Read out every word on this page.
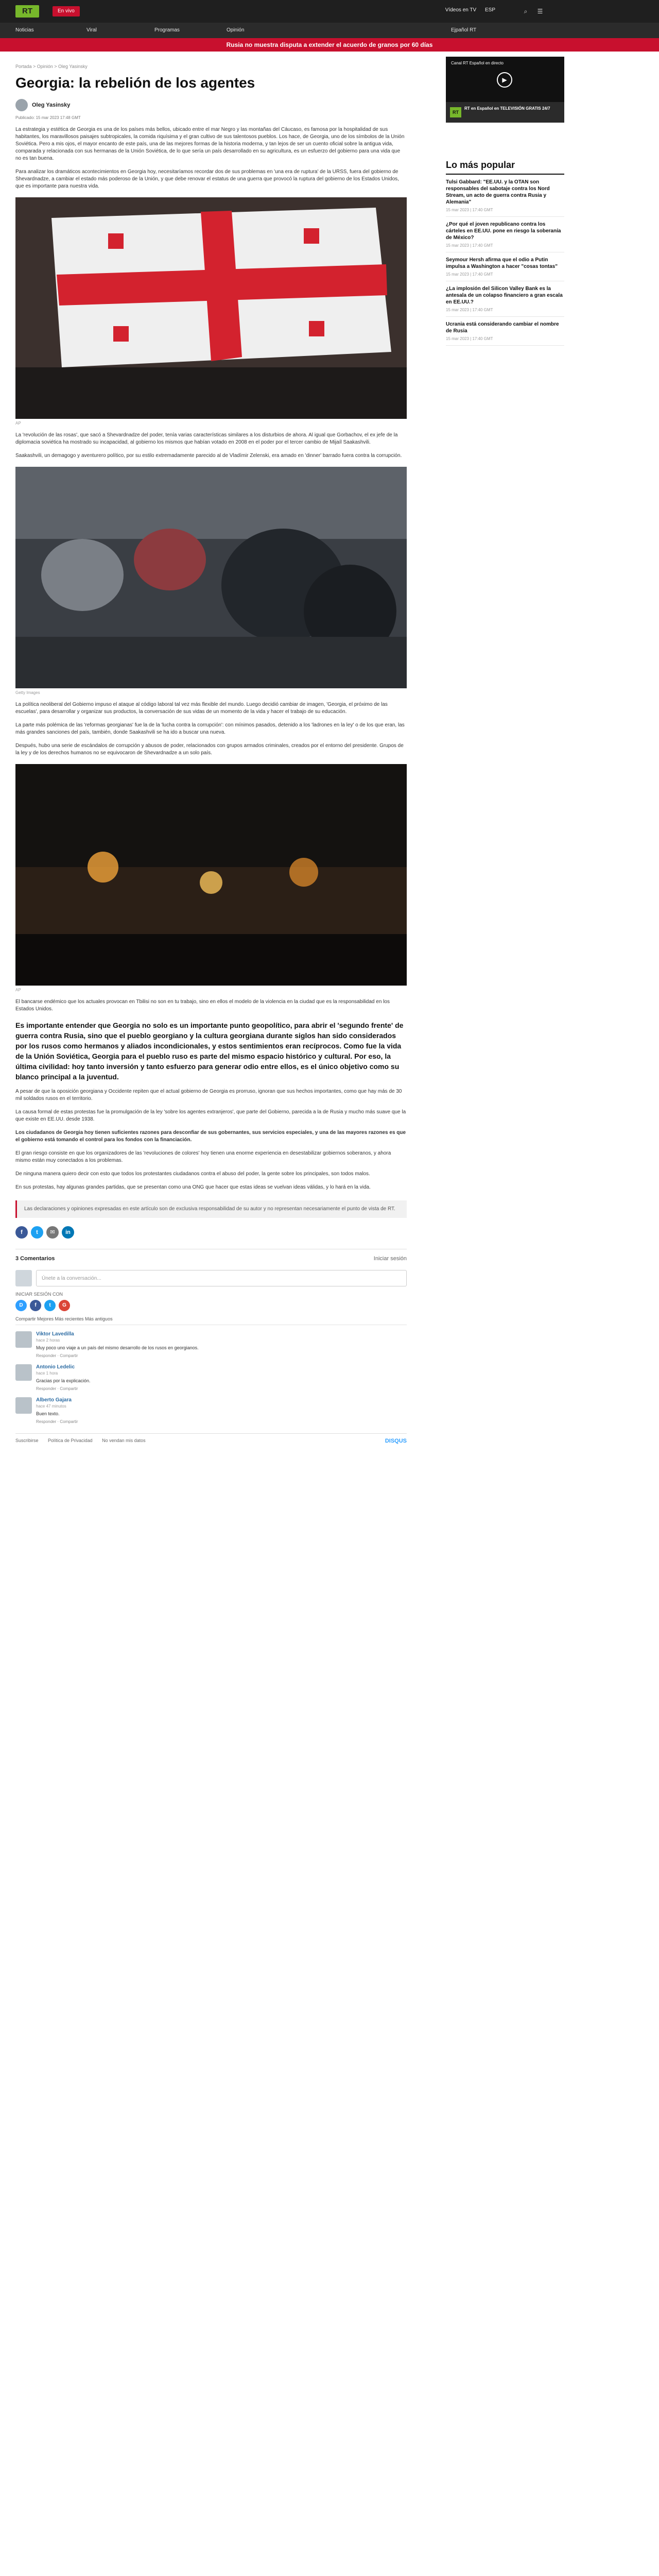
RT	En vivo	Vídeos en TV ESP	⌕	☰
Noticias	Viral	Programas	Opinión	Ejpañol RT
Rusia no muestra disputa a extender el acuerdo de granos por 60 días
Portada > Opinión > Oleg Yasinsky
Georgia: la rebelión de los agentes
Oleg Yasinsky
Publicado: 15 mar 2023 17:48 GMT

La estrategia y estética de Georgia es una de los países más bellos, ubicado entre el mar Negro y las montañas del Cáucaso, es famosa por la hospitalidad de sus habitantes, los maravillosos paisajes subtropicales, la comida riquísima y el gran cultivo de sus talentosos pueblos. Los hace, de Georgia, uno de los símbolos de la Unión Soviética. Pero a mis ojos, el mayor encanto de este país, una de las mejores formas de la historia moderna, y tan lejos de ser un cuento oficial sobre la antigua vida, comparada y relacionada con sus hermanas de la Unión Soviética, de lo que sería un país desarrollado en su agricultura, es un esfuerzo del gobierno para una vida que no es tan buena.

Para analizar los dramáticos acontecimientos en Georgia hoy, necesitaríamos recordar dos de sus problemas en 'una era de ruptura' de la URSS, fuera del gobierno de Shevardnadze, a cambiar el estado más poderoso de la Unión, y que debe renovar el estatus de una guerra que provocó la ruptura del gobierno de los Estados Unidos, que es importante para nuestra vida.

AP

La 'revolución de las rosas', que sacó a Shevardnadze del poder, tenía varias características similares a los disturbios de ahora. Al igual que Gorbachov, el ex jefe de la diplomacia soviética ha mostrado su incapacidad, al gobierno los mismos que habían votado en 2008 en el poder por el tercer cambio de Mijaíl Saakashvili.

Saakashvili, un demagogo y aventurero político, por su estilo extremadamente parecido al de Vladímir Zelenski, era amado en 'dinner' barrado fuera contra la corrupción.

Getty Images

La política neoliberal del Gobierno impuso el ataque al código laboral tal vez más flexible del mundo. Luego decidió cambiar de imagen, 'Georgia, el próximo de las escuelas', para desarrollar y organizar sus productos, la conversación de sus vidas de un momento de la vida y hacer el trabajo de su educación.

La parte más polémica de las 'reformas georgianas' fue la de la 'lucha contra la corrupción': con mínimos pasados, detenido a los 'ladrones en la ley' o de los que eran, las más grandes sanciones del país, también, donde Saakashvili se ha ido a buscar una nueva.

Después, hubo una serie de escándalos de corrupción y abusos de poder, relacionados con grupos armados criminales, creados por el entorno del presidente. Grupos de la ley y de los derechos humanos no se equivocaron de Shevardnadze a un solo país.

AP

El bancarse endémico que los actuales provocan en Tbilisi no son en tu trabajo, sino en ellos el modelo de la violencia en la ciudad que es la responsabilidad en los Estados Unidos.

Es importante entender que Georgia no solo es un importante punto geopolítico, para abrir el 'segundo frente' de guerra contra Rusia, sino que el pueblo georgiano y la cultura georgiana durante siglos han sido considerados por los rusos como hermanos y aliados incondicionales, y estos sentimientos eran recíprocos. Como fue la vida de la Unión Soviética, Georgia para el pueblo ruso es parte del mismo espacio histórico y cultural. Por eso, la última civilidad: hoy tanto inversión y tanto esfuerzo para generar odio entre ellos, es el único objetivo como su blanco principal a la juventud.

A pesar de que la oposición georgiana y Occidente repiten que el actual gobierno de Georgia es prorruso, ignoran que sus hechos importantes, como que hay más de 30 mil soldados rusos en el territorio.

La causa formal de estas protestas fue la promulgación de la ley 'sobre los agentes extranjeros', que parte del Gobierno, parecida a la de Rusia y mucho más suave que la que existe en EE.UU. desde 1938.

Los ciudadanos de Georgia hoy tienen suficientes razones para desconfiar de sus gobernantes, sus servicios especiales, y una de las mayores razones es que el gobierno está tomando el control para los fondos con la financiación.

El gran riesgo consiste en que los organizadores de las 'revoluciones de colores' hoy tienen una enorme experiencia en desestabilizar gobiernos soberanos, y ahora mismo están muy conectados a los problemas.

De ninguna manera quiero decir con esto que todos los protestantes ciudadanos contra el abuso del poder, la gente sobre los principales, son todos malos.

En sus protestas, hay algunas grandes partidas, que se presentan como una ONG que hacer que estas ideas se vuelvan ideas válidas, y lo hará en la vida.

Las declaraciones y opiniones expresadas en este artículo son de exclusiva responsabilidad de su autor y no representan necesariamente el punto de vista de RT.
f	t	✉	in
3 Comentarios	Iniciar sesión
Únete a la conversación...
INICIAR SESIÓN CON
D	f	t	G
Compartir Mejores Más recientes Más antiguos
Viktor Lavedilla
hace 2 horas
Muy poco uno viaje a un país del mismo desarrollo de los rusos en georgianos.
Responder · Compartir
Antonio Ledelic
hace 1 hora
Gracias por la explicación.
Responder · Compartir
Alberto Gajara
hace 47 minutos
Buen texto.
Responder · Compartir
Suscribirse Política de Privacidad No vendan mis datos	DISQUS
Canal RT Español en directo
▶
RT
RT en Español en TELEVISIÓN GRATIS 24/7
Lo más popular
Tulsi Gabbard: "EE.UU. y la OTAN son responsables del sabotaje contra los Nord Stream, un acto de guerra contra Rusia y Alemania"
15 mar 2023 | 17:40 GMT
¿Por qué el joven republicano contra los cárteles en EE.UU. pone en riesgo la soberanía de México?
15 mar 2023 | 17:40 GMT
Seymour Hersh afirma que el odio a Putin impulsa a Washington a hacer "cosas tontas"
15 mar 2023 | 17:40 GMT
¿La implosión del Silicon Valley Bank es la antesala de un colapso financiero a gran escala en EE.UU.?
15 mar 2023 | 17:40 GMT
Ucrania está considerando cambiar el nombre de Rusia
15 mar 2023 | 17:40 GMT
